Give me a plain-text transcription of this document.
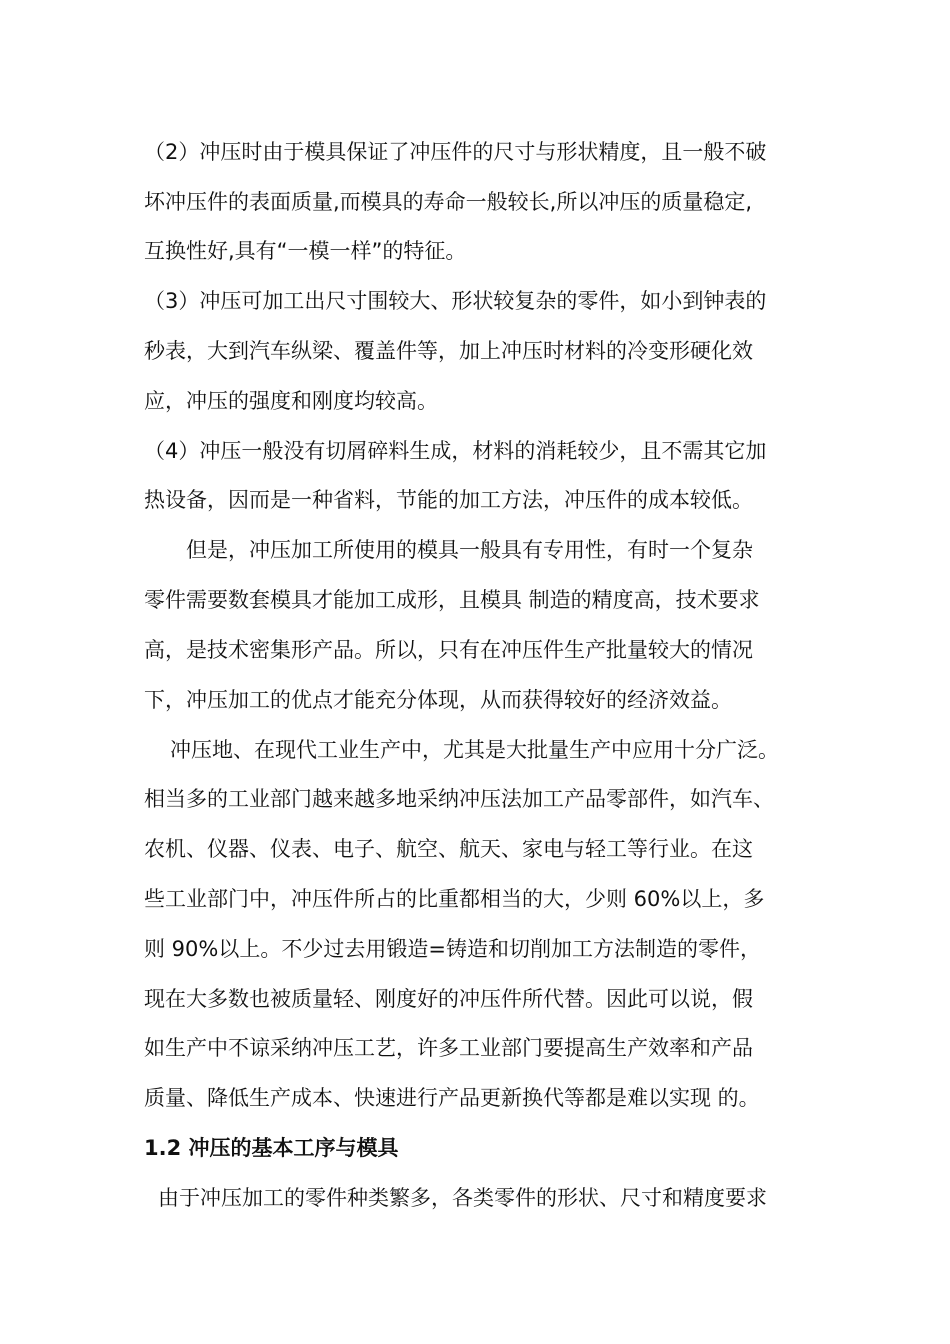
（2）冲压时由于模具保证了冲压件的尺寸与形状精度，且一般不破
坏冲压件的表面质量,而模具的寿命一般较长,所以冲压的质量稳定,
互换性好,具有“一模一样”的特征。
（3）冲压可加工出尺寸围较大、形状较复杂的零件，如小到钟表的
秒表，大到汽车纵梁、覆盖件等，加上冲压时材料的冷变形硬化效
应，冲压的强度和刚度均较高。
（4）冲压一般没有切屑碎料生成，材料的消耗较少，且不需其它加
热设备，因而是一种省料，节能的加工方法，冲压件的成本较低。
但是，冲压加工所使用的模具一般具有专用性，有时一个复杂
零件需要数套模具才能加工成形，且模具 制造的精度高，技术要求
高，是技术密集形产品。所以，只有在冲压件生产批量较大的情况
下，冲压加工的优点才能充分体现，从而获得较好的经济效益。
冲压地、在现代工业生产中，尤其是大批量生产中应用十分广泛。
相当多的工业部门越来越多地采纳冲压法加工产品零部件，如汽车、
农机、仪器、仪表、电子、航空、航天、家电与轻工等行业。在这
些工业部门中，冲压件所占的比重都相当的大，少则 60%以上，多
则 90%以上。不少过去用锻造=铸造和切削加工方法制造的零件，
现在大多数也被质量轻、刚度好的冲压件所代替。因此可以说，假
如生产中不谅采纳冲压工艺，许多工业部门要提高生产效率和产品
质量、降低生产成本、快速进行产品更新换代等都是难以实现 的。
1.2 冲压的基本工序与模具
由于冲压加工的零件种类繁多，各类零件的形状、尺寸和精度要求
